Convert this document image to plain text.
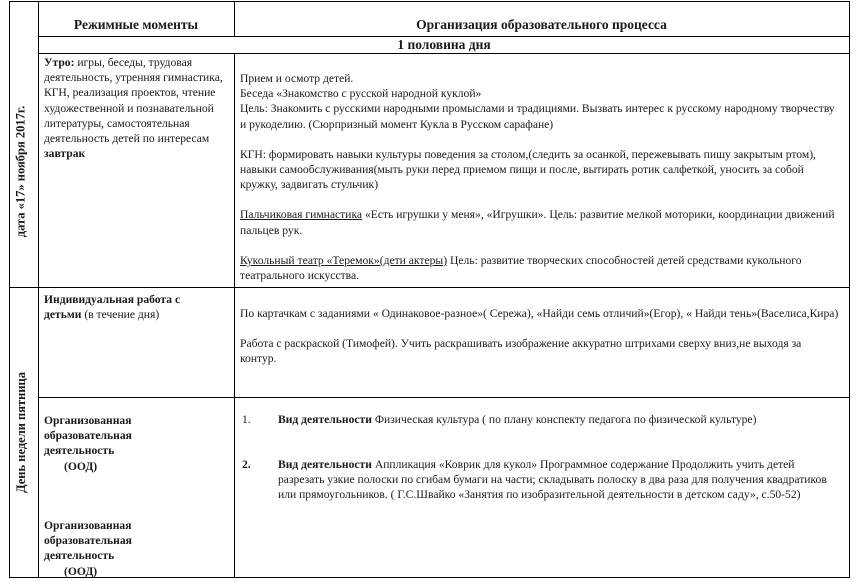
дата «17» ноября 2017г.
День недели пятница
Режимные моменты	Организация образовательного процесса
1 половина дня

Утро: игры, беседы, трудовая деятельность, утренняя гимнастика, КГН, реализация проектов, чтение художественной и познавательной литературы, самостоятельная деятельность детей по интересам

завтрак

Прием и осмотр детей.

Беседа «Знакомство с русской народной куклой»

Цель: Знакомить с русскими народными промыслами и традициями. Вызвать интерес к русскому народному творчеству и рукоделию. (Сюрпризный момент Кукла в Русском сарафане)

КГН: формировать навыки культуры поведения за столом,(следить за осанкой, пережевывать пишу закрытым ртом), навыки самообслуживания(мыть руки перед приемом пищи и после, вытирать ротик салфеткой, уносить за собой кружку, задвигать стульчик)

Пальчиковая гимнастика «Есть игрушки у меня», «Игрушки». Цель: развитие мелкой моторики, координации движений пальцев рук.

Кукольный театр «Теремок»(дети актеры) Цель: развитие творческих способностей детей средствами кукольного театрального искусства.

Индивидуальная работа с детьми (в течение дня)	По картачкам с заданиями « Одинаковое-разное»( Сережа), «Найди семь отличий»(Егор), « Найди тень»(Васелиса,Кира)

Работа с раскраской (Тимофей). Учить раскрашивать изображение аккуратно штрихами сверху вниз,не выходя за контур.

Организованная образовательная деятельность

(ООД)

Организованная образовательная деятельность

(ООД)

1. Вид деятельности Физическая культура ( по плану конспекту педагога по физической культуре)

2. Вид деятельности Аппликация «Коврик для кукол» Программное содержание Продолжить учить детей разрезать узкие полоски по сгибам бумаги на части; складывать полоску в два раза для получения квадратиков или прямоугольников. ( Г.С.Швайко «Занятия по изобразительной деятельности в детском саду», с.50-52)
